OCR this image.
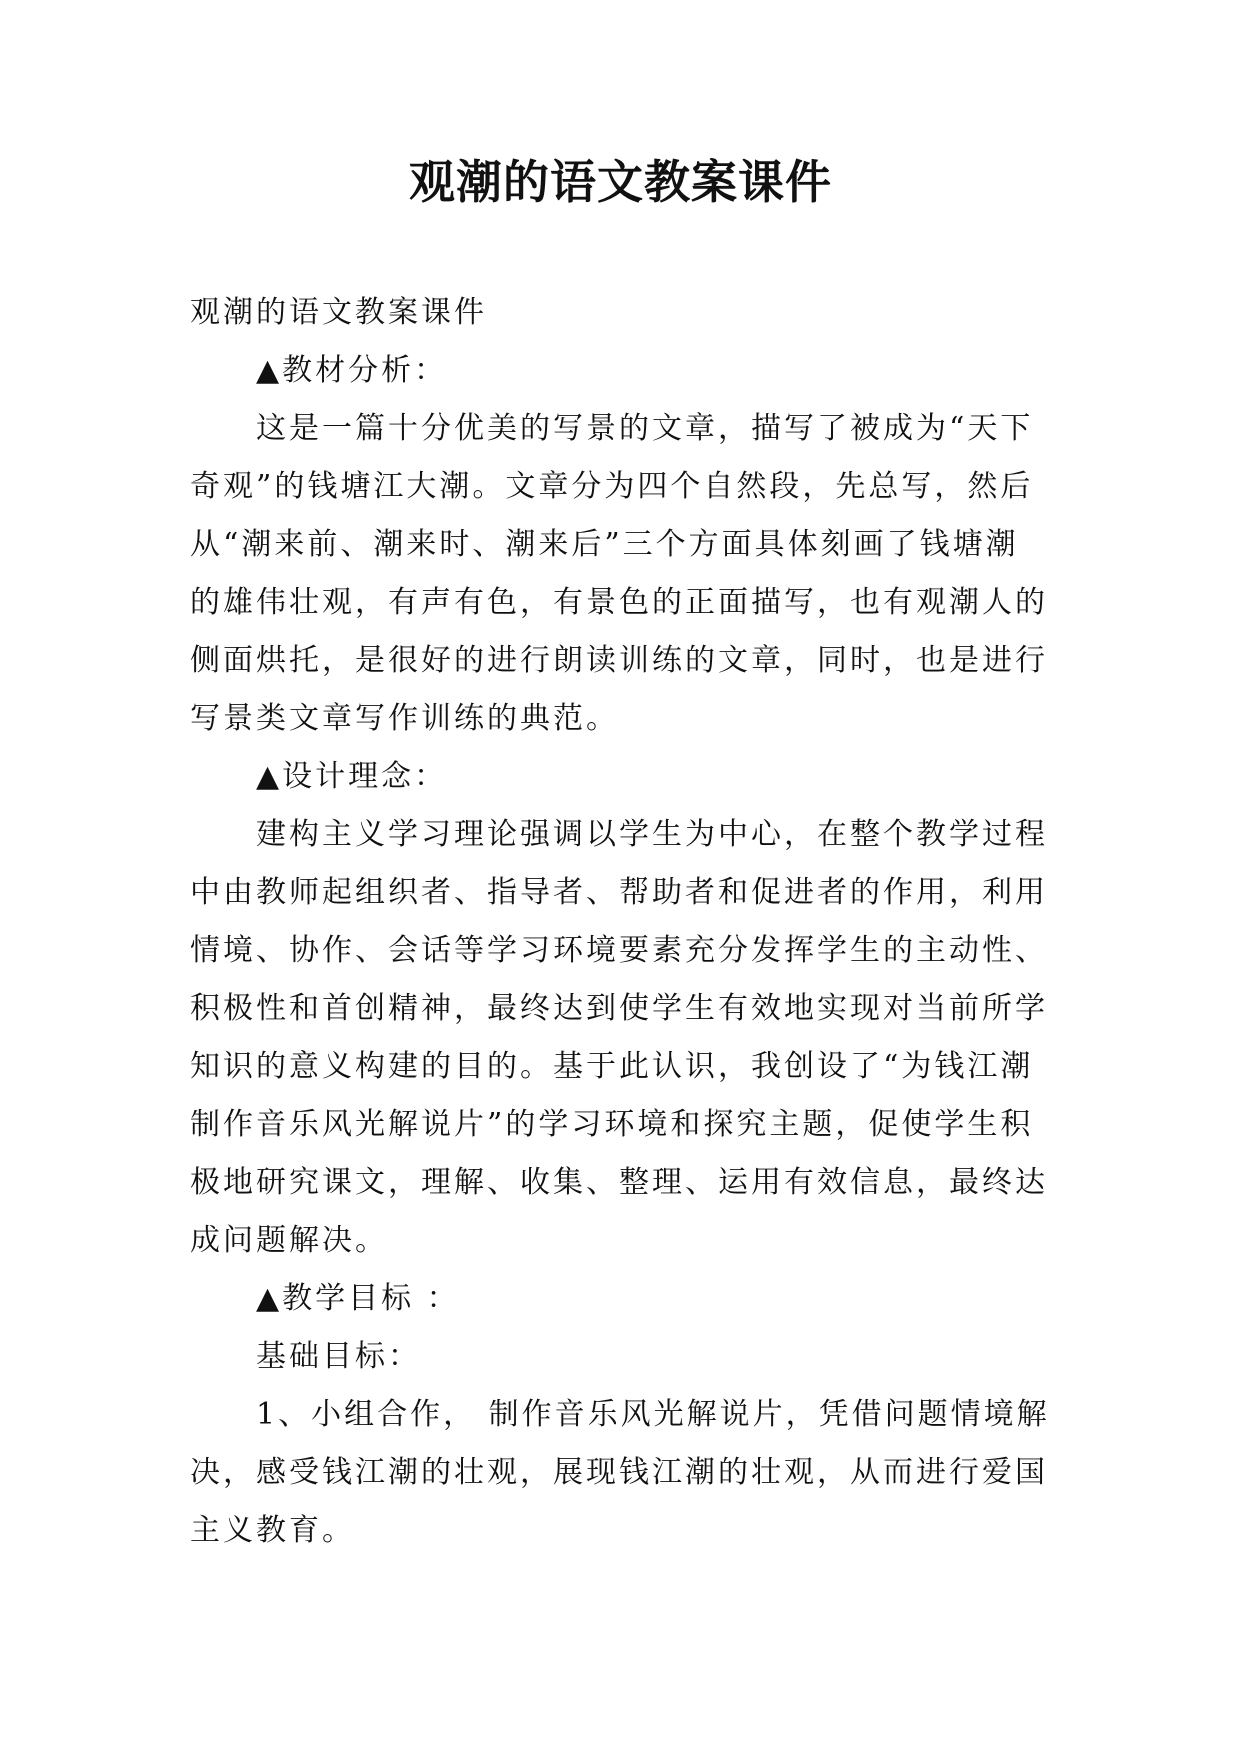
观潮的语文教案课件
观潮的语文教案课件
▲教材分析：
这是一篇十分优美的写景的文章，描写了被成为“天下
奇观”的钱塘江大潮。文章分为四个自然段，先总写，然后
从“潮来前、潮来时、潮来后”三个方面具体刻画了钱塘潮
的雄伟壮观，有声有色，有景色的正面描写，也有观潮人的
侧面烘托，是很好的进行朗读训练的文章，同时，也是进行
写景类文章写作训练的典范。
▲设计理念：
建构主义学习理论强调以学生为中心，在整个教学过程
中由教师起组织者、指导者、帮助者和促进者的作用，利用
情境、协作、会话等学习环境要素充分发挥学生的主动性、
积极性和首创精神，最终达到使学生有效地实现对当前所学
知识的意义构建的目的。基于此认识，我创设了“为钱江潮
制作音乐风光解说片”的学习环境和探究主题，促使学生积
极地研究课文，理解、收集、整理、运用有效信息，最终达
成问题解决。
▲教学目标 ：
基础目标：
1、小组合作， 制作音乐风光解说片，凭借问题情境解
决，感受钱江潮的壮观，展现钱江潮的壮观，从而进行爱国
主义教育。
